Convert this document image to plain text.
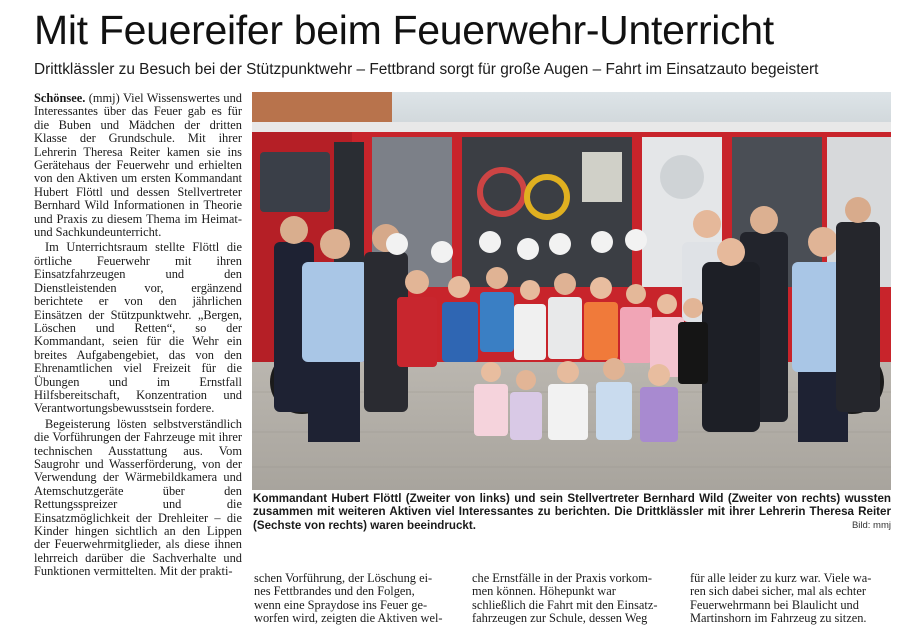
Mit Feuereifer beim Feuerwehr-Unterricht
Drittklässler zu Besuch bei der Stützpunktwehr – Fettbrand sorgt für große Augen – Fahrt im Einsatzauto begeistert

Schönsee. (mmj) Viel Wissenswertes und Interessantes über das Feuer gab es für die Buben und Mädchen der dritten Klasse der Grundschule. Mit ihrer Lehrerin Theresa Reiter kamen sie ins Gerätehaus der Feuerwehr und erhielten von den Aktiven um ersten Kommandant Hubert Flöttl und dessen Stellvertreter Bernhard Wild Informationen in Theorie und Praxis zu diesem Thema im Heimat- und Sachkundeunterricht.

Im Unterrichtsraum stellte Flöttl die örtliche Feuerwehr mit ihren Einsatzfahrzeugen und den Dienstleistenden vor, ergänzend berichtete er von den jährlichen Einsätzen der Stützpunktwehr. „Bergen, Löschen und Retten“, so der Kommandant, seien für die Wehr ein breites Aufgabengebiet, das von den Ehrenamtlichen viel Freizeit für die Übungen und im Ernstfall Hilfsbereitschaft, Konzentration und Verantwortungsbewusstsein fordere.

Begeisterung lösten selbstverständlich die Vorführungen der Fahrzeuge mit ihrer technischen Ausstattung aus. Vom Saugrohr und Wasserförderung, von der Verwendung der Wärmebildkamera und Atemschutzgeräte über den Rettungsspreizer und die Einsatzmöglichkeit der Drehleiter – die Kinder hingen sichtlich an den Lippen der Feuerwehrmitglieder, als diese ihnen lehrreich darüber die Sachverhalte und Funktionen vermittelten. Mit der prakti-

Kommandant Hubert Flöttl (Zweiter von links) und sein Stellvertreter Bernhard Wild (Zweiter von rechts) wussten zusammen mit weiteren Aktiven viel Interessantes zu berichten. Die Drittklässler mit ihrer Lehrerin Theresa Reiter (Sechste von rechts) waren beeindruckt.	Bild: mmj
schen Vorführung, der Löschung ei-
nes Fettbrandes und den Folgen,
wenn eine Spraydose ins Feuer ge-
worfen wird, zeigten die Aktiven wel-
che Ernstfälle in der Praxis vorkom-
men können. Höhepunkt war
schließlich die Fahrt mit den Einsatz-
fahrzeugen zur Schule, dessen Weg
für alle leider zu kurz war. Viele wa-
ren sich dabei sicher, mal als echter
Feuerwehrmann bei Blaulicht und
Martinshorn im Fahrzeug zu sitzen.
